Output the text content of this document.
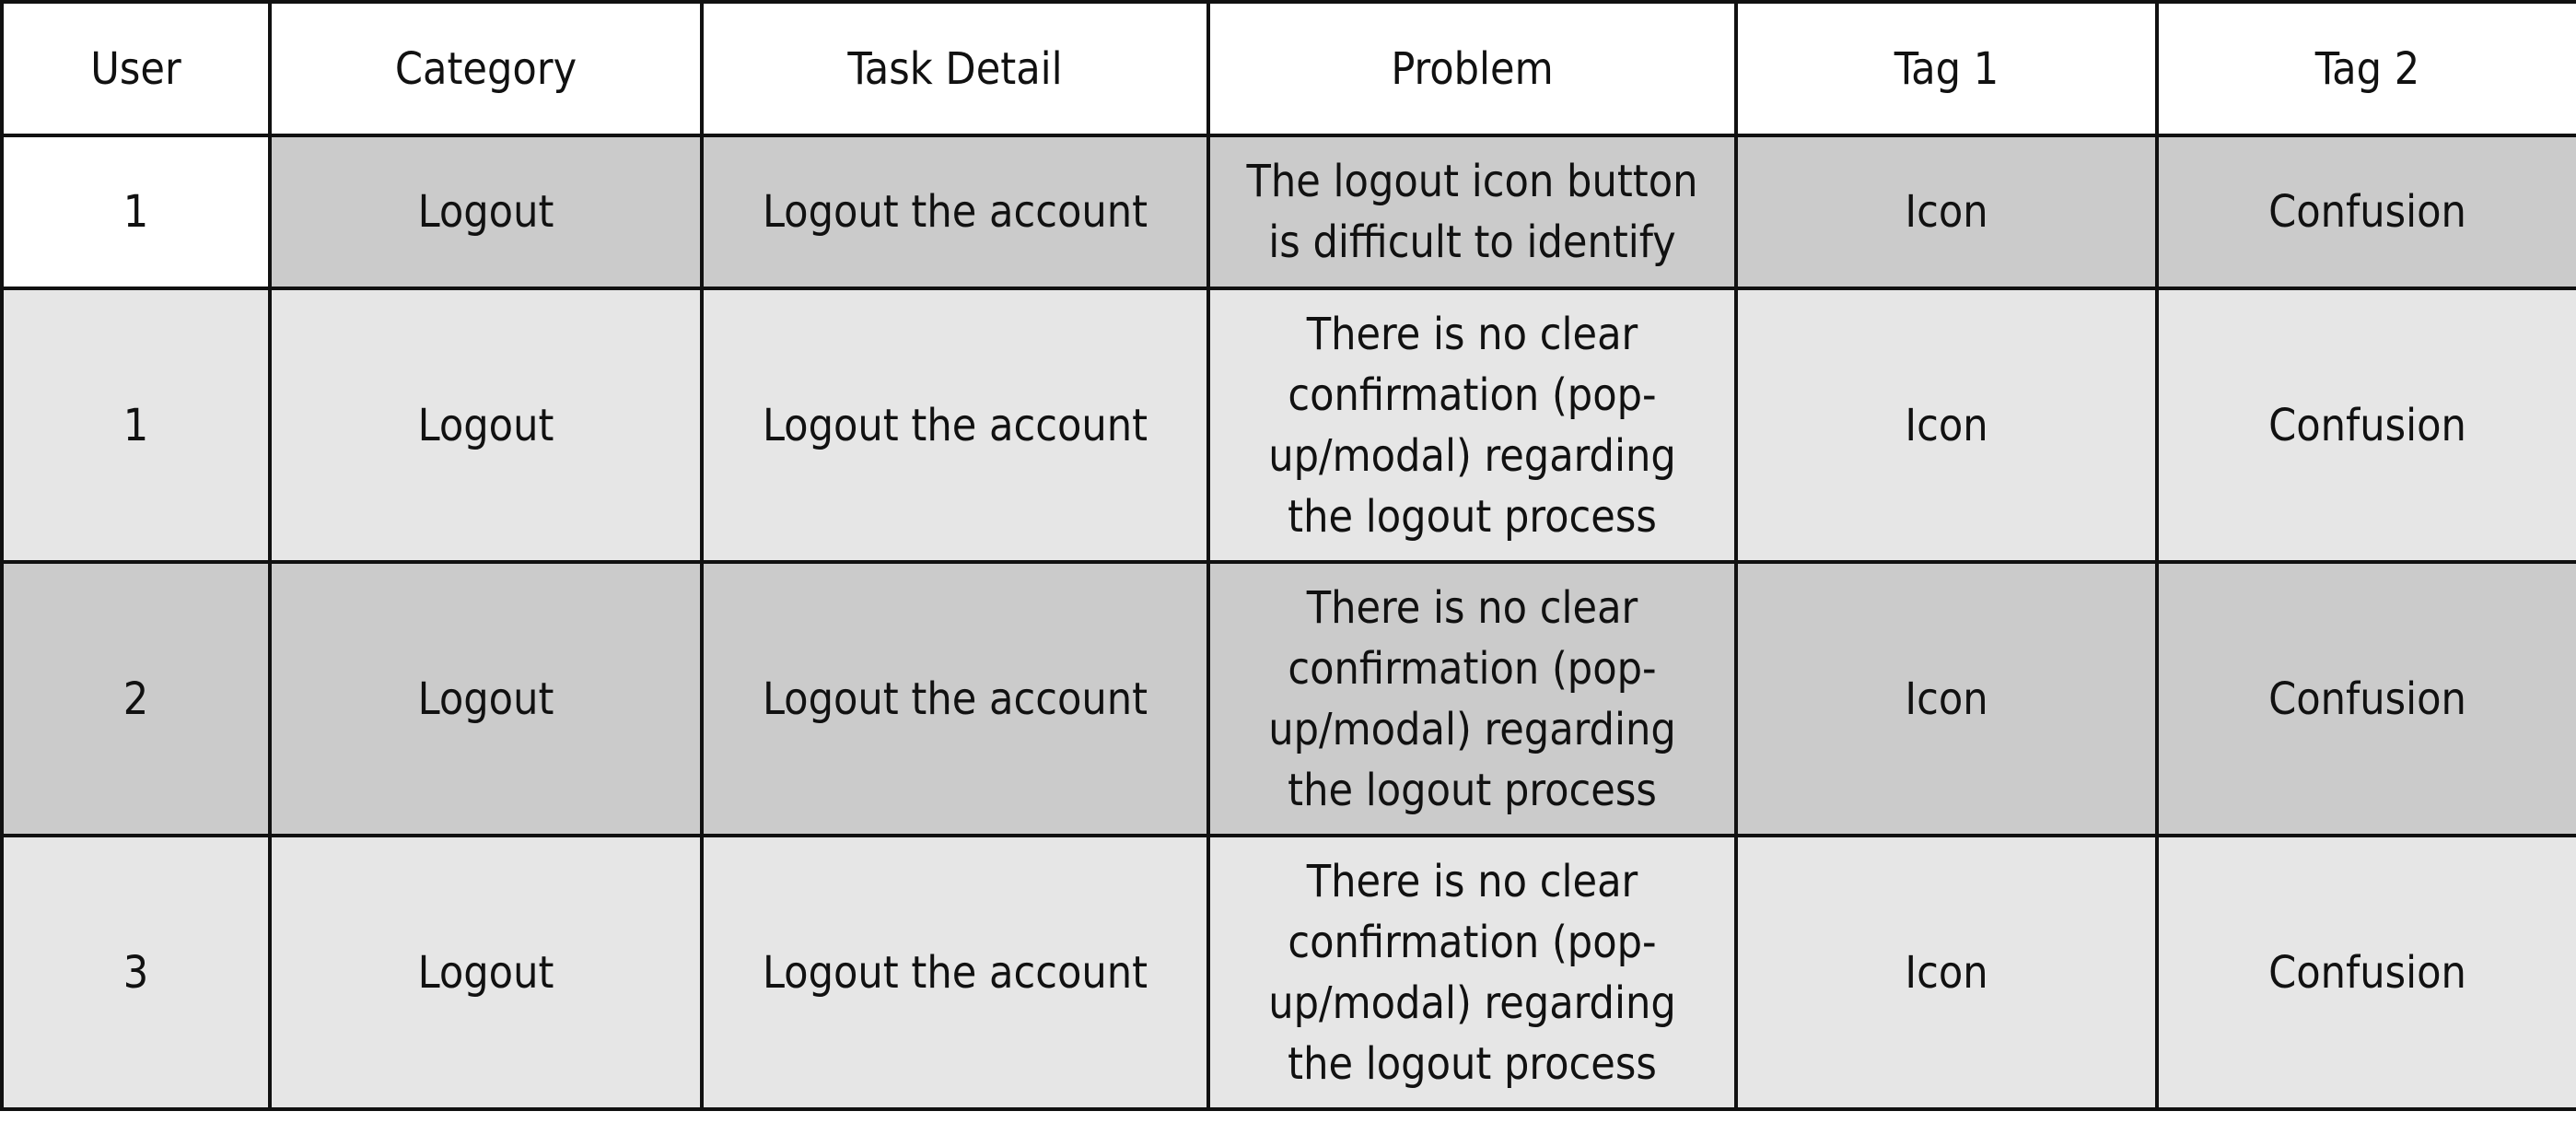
User	Category	Task Detail	Problem	Tag 1	Tag 2
1	Logout	Logout the account	The logout icon button is difficult to identify	Icon	Confusion
1	Logout	Logout the account	There is no clear confirmation (pop-up/modal) regarding the logout process	Icon	Confusion
2	Logout	Logout the account	There is no clear confirmation (pop-up/modal) regarding the logout process	Icon	Confusion
3	Logout	Logout the account	There is no clear confirmation (pop-up/modal) regarding the logout process	Icon	Confusion
